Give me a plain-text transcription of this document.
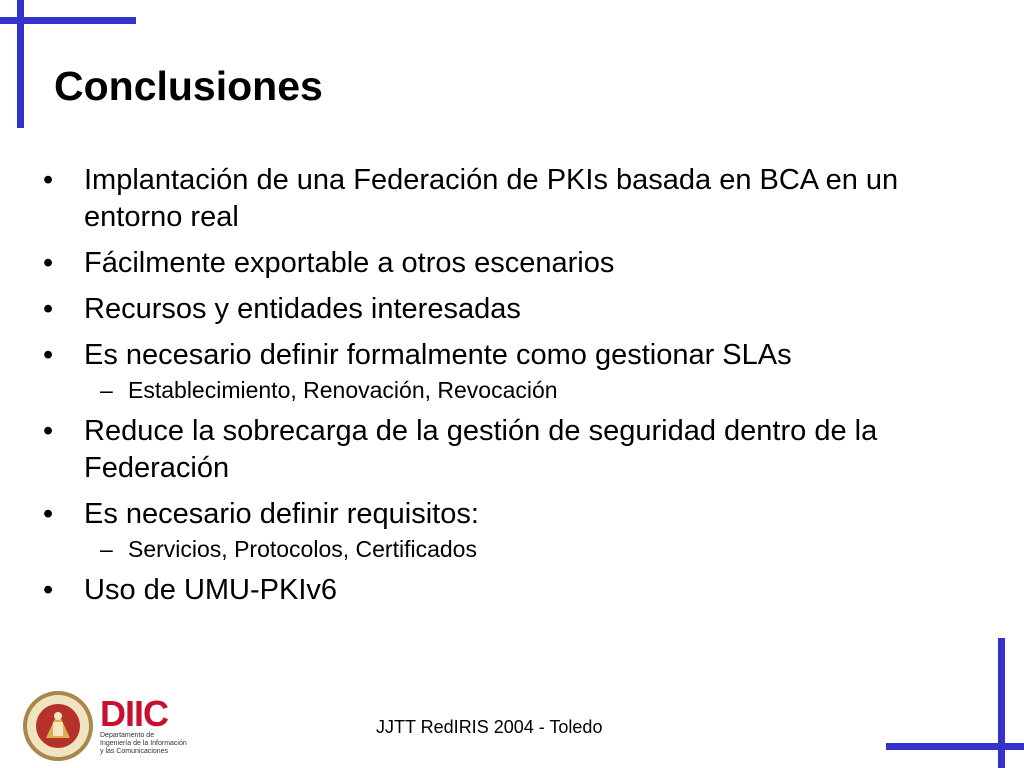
Conclusiones
• Implantación de una Federación de PKIs basada en BCA en un entorno real
• Fácilmente exportable a otros escenarios
• Recursos y entidades interesadas
• Es necesario definir formalmente como gestionar SLAs
– Establecimiento, Renovación, Revocación
• Reduce la sobrecarga de la gestión de seguridad dentro de la Federación
• Es necesario definir requisitos:
– Servicios, Protocolos, Certificados
• Uso de UMU-PKIv6
DIIC
Departamento de
Ingeniería de la Información
y las Comunicaciones
JJTT RedIRIS 2004 - Toledo
